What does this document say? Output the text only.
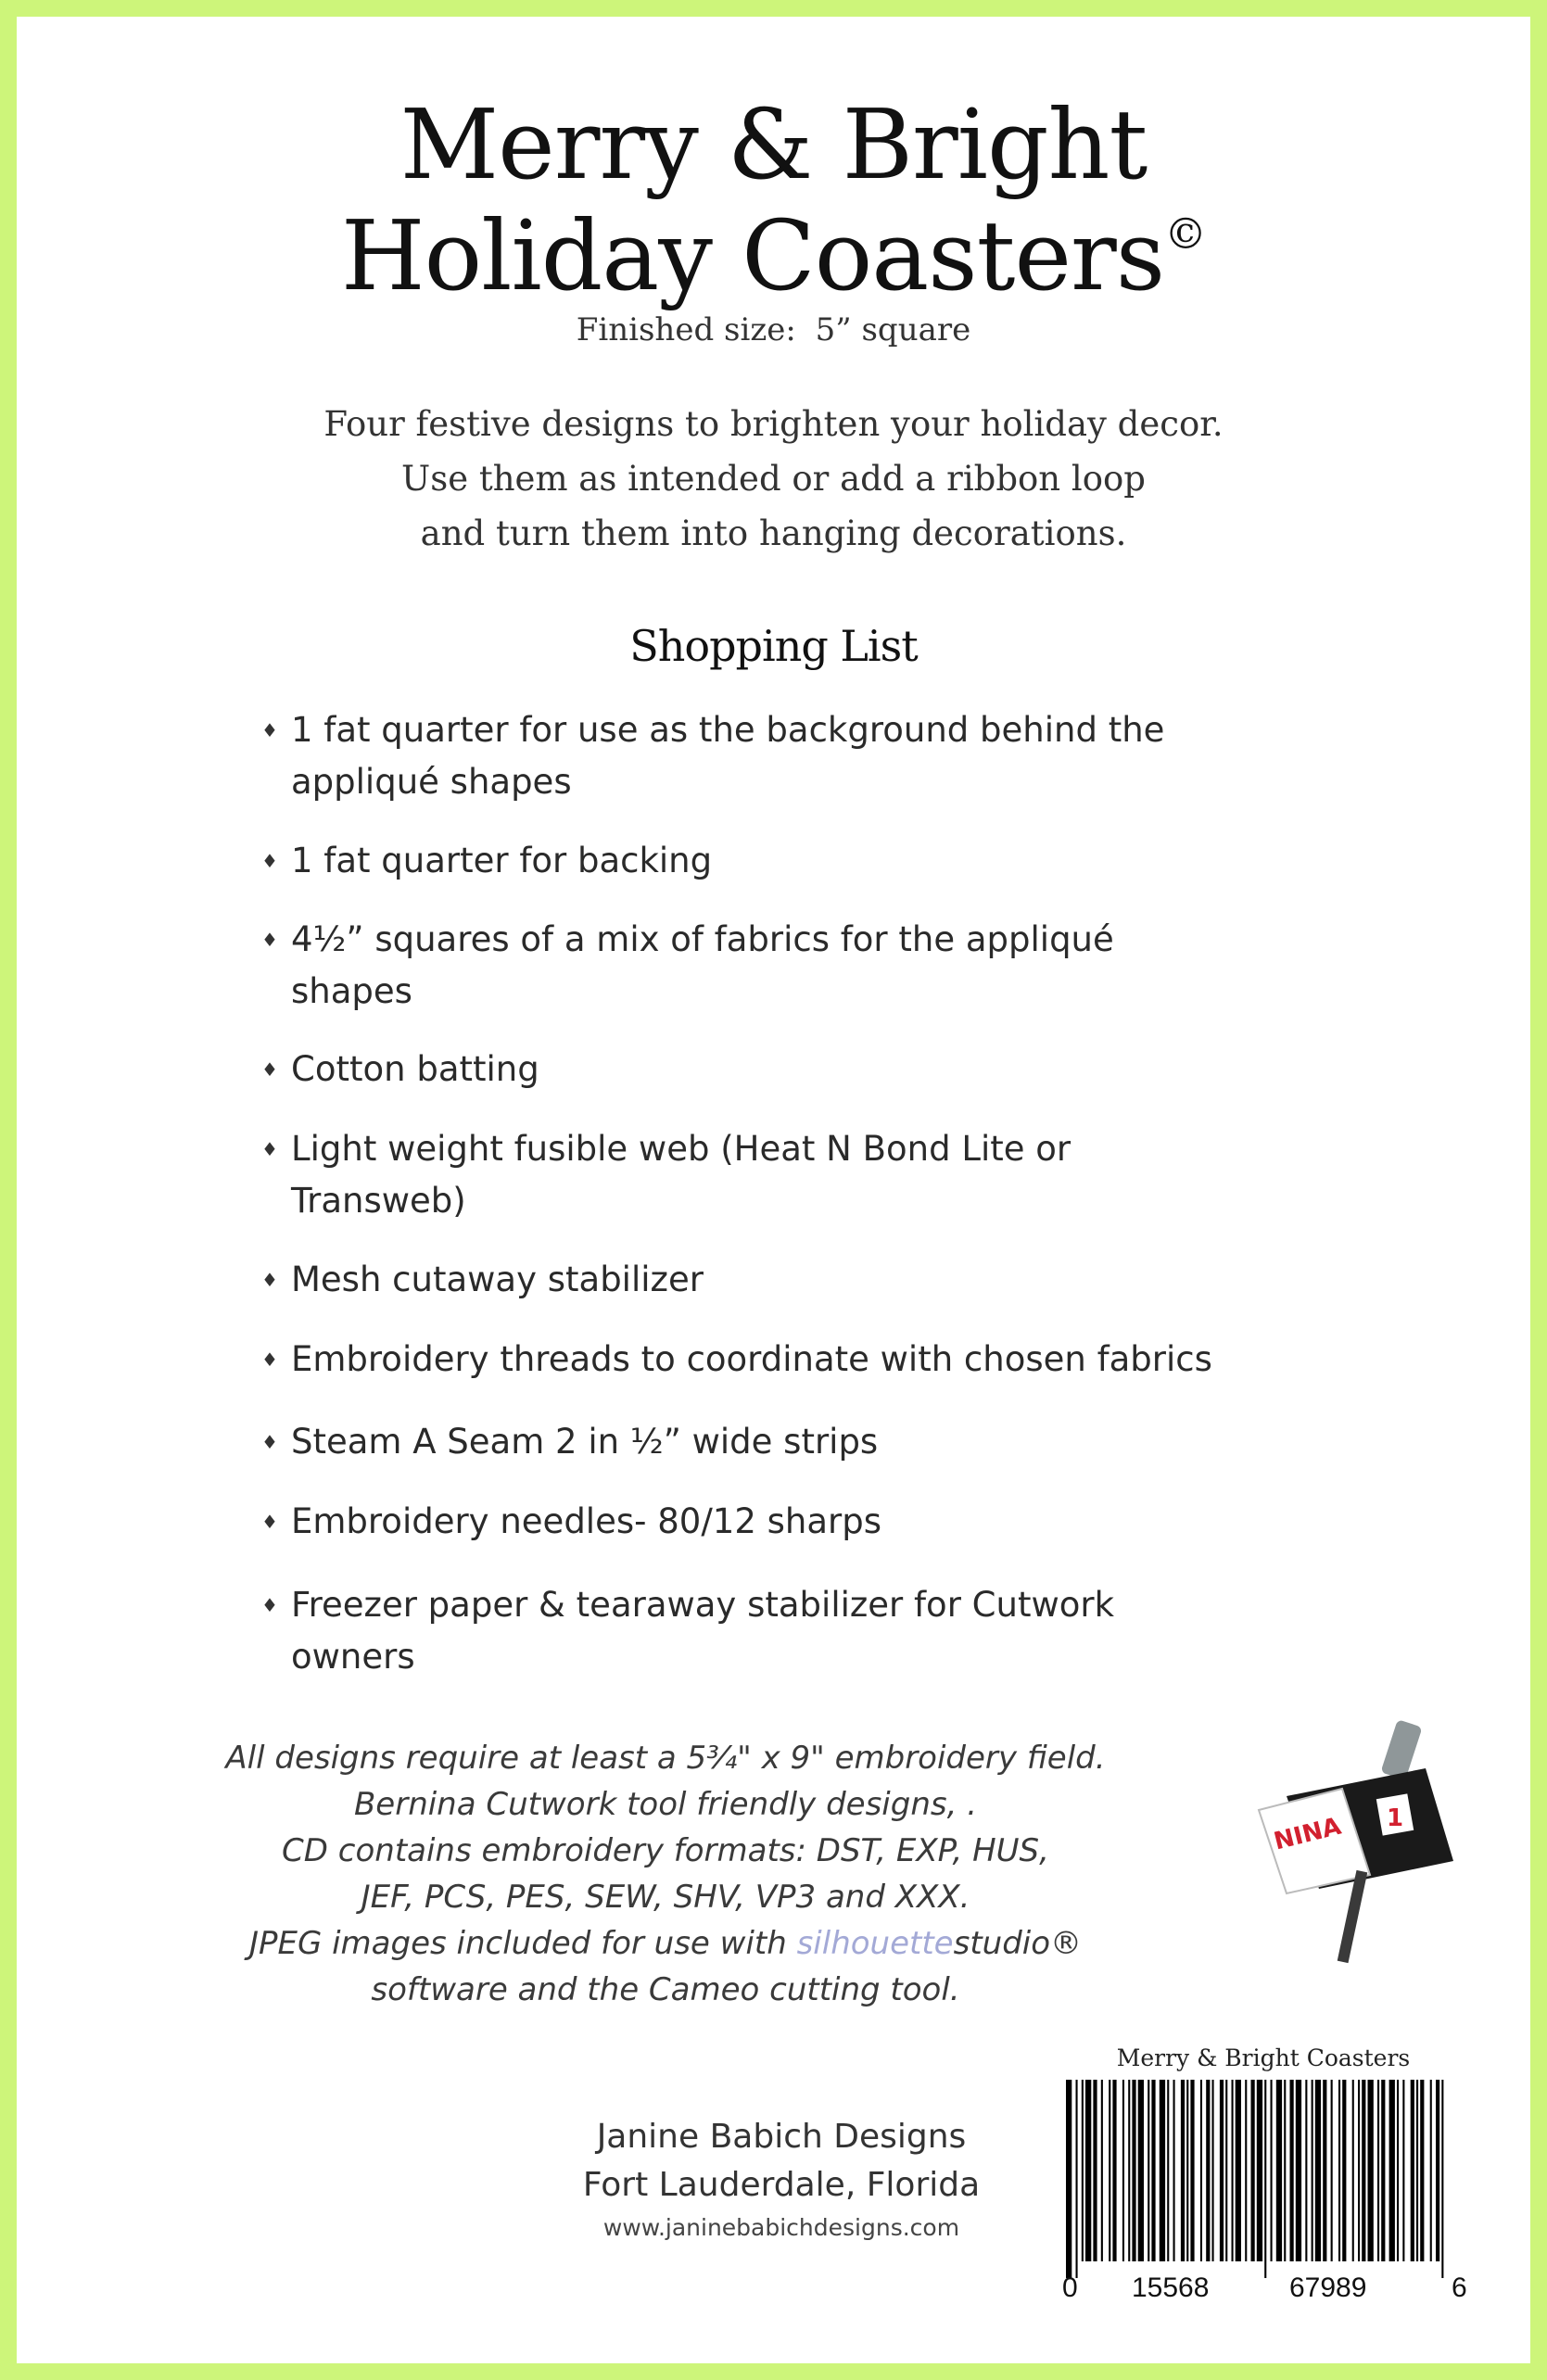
Merry & Bright
Holiday Coasters©
Finished size: 5” square
Four festive designs to brighten your holiday decor.
Use them as intended or add a ribbon loop
and turn them into hanging decorations.
Shopping List
♦ 1 fat quarter for use as the background behind the
appliqué shapes
♦ 1 fat quarter for backing
♦ 4½” squares of a mix of fabrics for the appliqué
shapes
♦ Cotton batting
♦ Light weight fusible web (Heat N Bond Lite or
Transweb)
♦ Mesh cutaway stabilizer
♦ Embroidery threads to coordinate with chosen fabrics
♦ Steam A Seam 2 in ½” wide strips
♦ Embroidery needles- 80/12 sharps
♦ Freezer paper & tearaway stabilizer for Cutwork
owners
All designs require at least a 5¾" x 9" embroidery field.
Bernina Cutwork tool friendly designs, .
CD contains embroidery formats: DST, EXP, HUS,
JEF, PCS, PES, SEW, SHV, VP3 and XXX.
JPEG images included for use with silhouettestudio®
software and the Cameo cutting tool.
NINA 1
Janine Babich Designs
Fort Lauderdale, Florida
www.janinebabichdesigns.com
Merry & Bright Coasters
0 15568	67989	6
